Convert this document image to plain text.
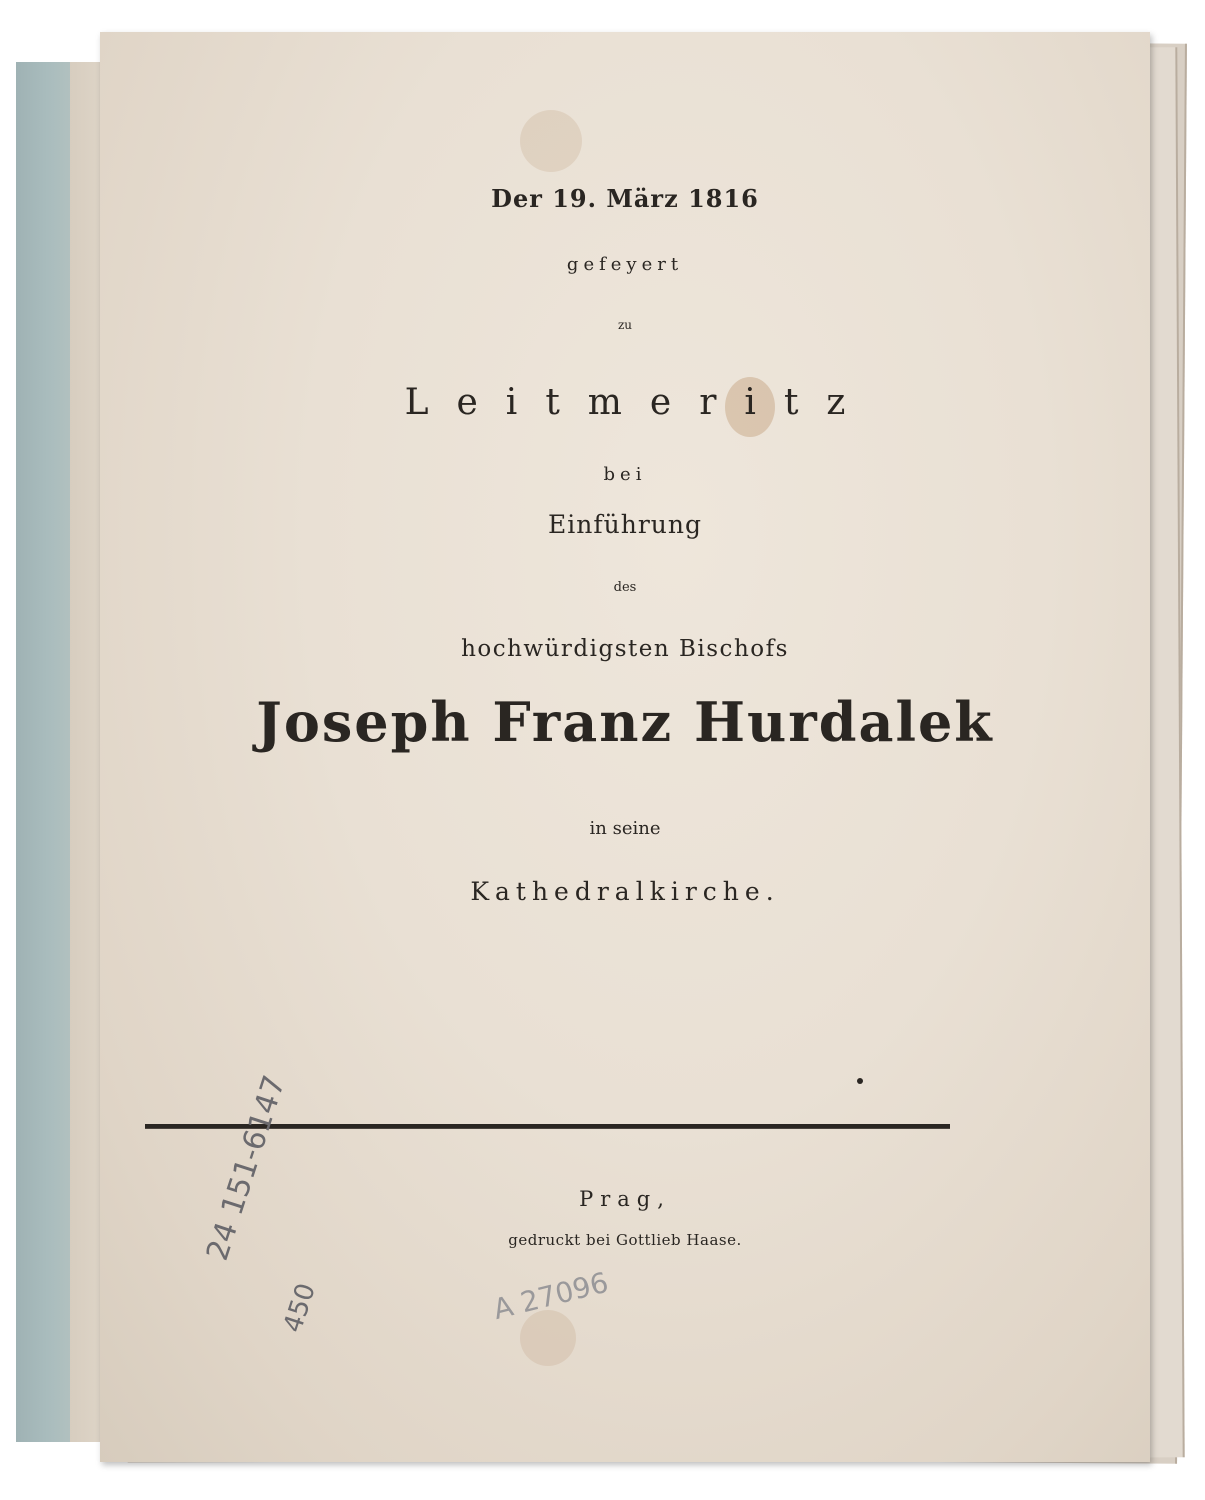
Der 19. März 1816
gefeyert
zu
Leitmeritz
bei
Einführung
des
hochwürdigsten Bischofs
Joseph Franz Hurdalek
in seine
Kathedralkirche.
Prag,
gedruckt bei Gottlieb Haase.
24 151-6147
450	A 27096
